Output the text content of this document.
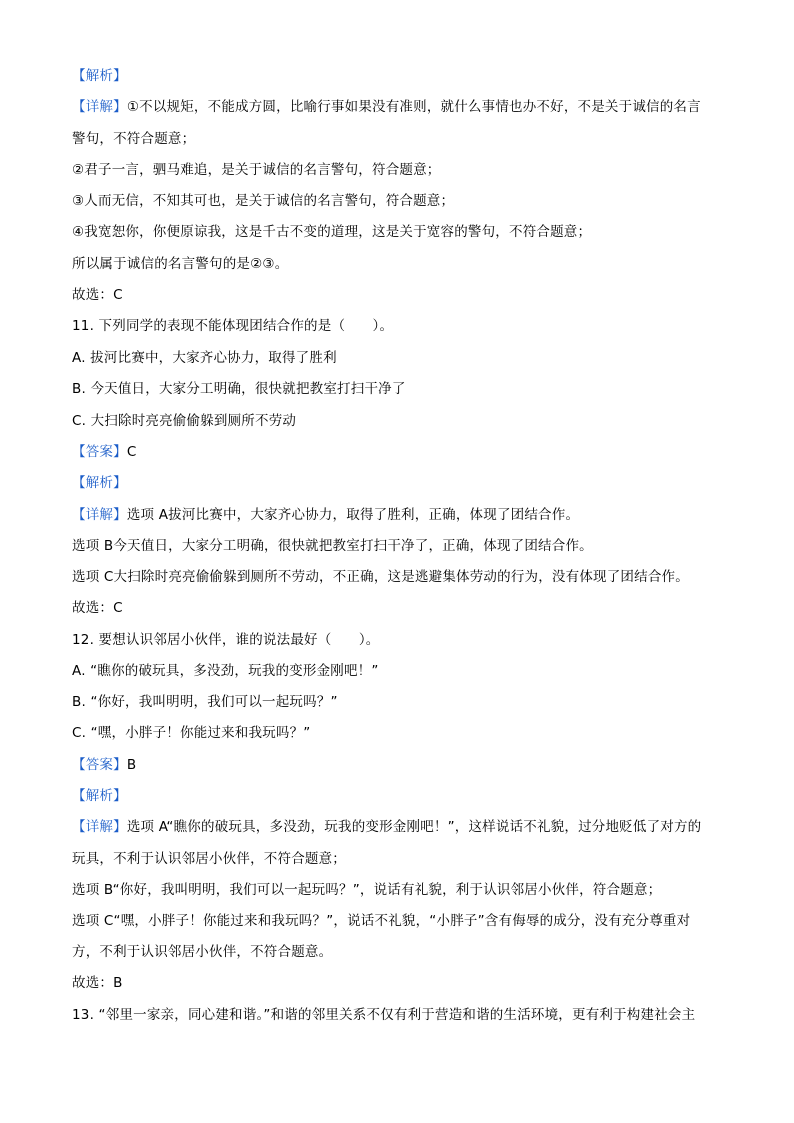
【解析】
【详解】①不以规矩，不能成方圆，比喻行事如果没有准则，就什么事情也办不好，不是关于诚信的名言
警句，不符合题意；
②君子一言，驷马难追，是关于诚信的名言警句，符合题意；
③人而无信，不知其可也，是关于诚信的名言警句，符合题意；
④我宽恕你，你便原谅我，这是千古不变的道理，这是关于宽容的警句，不符合题意；
所以属于诚信的名言警句的是②③。
故选：C
11. 下列同学的表现不能体现团结合作的是（　　）。
A. 拔河比赛中，大家齐心协力，取得了胜利
B. 今天值日，大家分工明确，很快就把教室打扫干净了
C. 大扫除时亮亮偷偷躲到厕所不劳动
【答案】C
【解析】
【详解】选项 A拔河比赛中，大家齐心协力，取得了胜利，正确，体现了团结合作。
选项 B今天值日，大家分工明确，很快就把教室打扫干净了，正确，体现了团结合作。
选项 C大扫除时亮亮偷偷躲到厕所不劳动，不正确，这是逃避集体劳动的行为，没有体现了团结合作。
故选：C
12. 要想认识邻居小伙伴，谁的说法最好（　　）。
A. “瞧你的破玩具，多没劲，玩我的变形金刚吧！”
B. “你好，我叫明明，我们可以一起玩吗？”
C. “嘿，小胖子！你能过来和我玩吗？”
【答案】B
【解析】
【详解】选项 A“瞧你的破玩具，多没劲，玩我的变形金刚吧！”，这样说话不礼貌，过分地贬低了对方的
玩具，不利于认识邻居小伙伴，不符合题意；
选项 B“你好，我叫明明，我们可以一起玩吗？”，说话有礼貌，利于认识邻居小伙伴，符合题意；
选项 C“嘿，小胖子！你能过来和我玩吗？”，说话不礼貌，“小胖子”含有侮辱的成分，没有充分尊重对
方，不利于认识邻居小伙伴，不符合题意。
故选：B
13. “邻里一家亲，同心建和谐。”和谐的邻里关系不仅有利于营造和谐的生活环境，更有利于构建社会主
